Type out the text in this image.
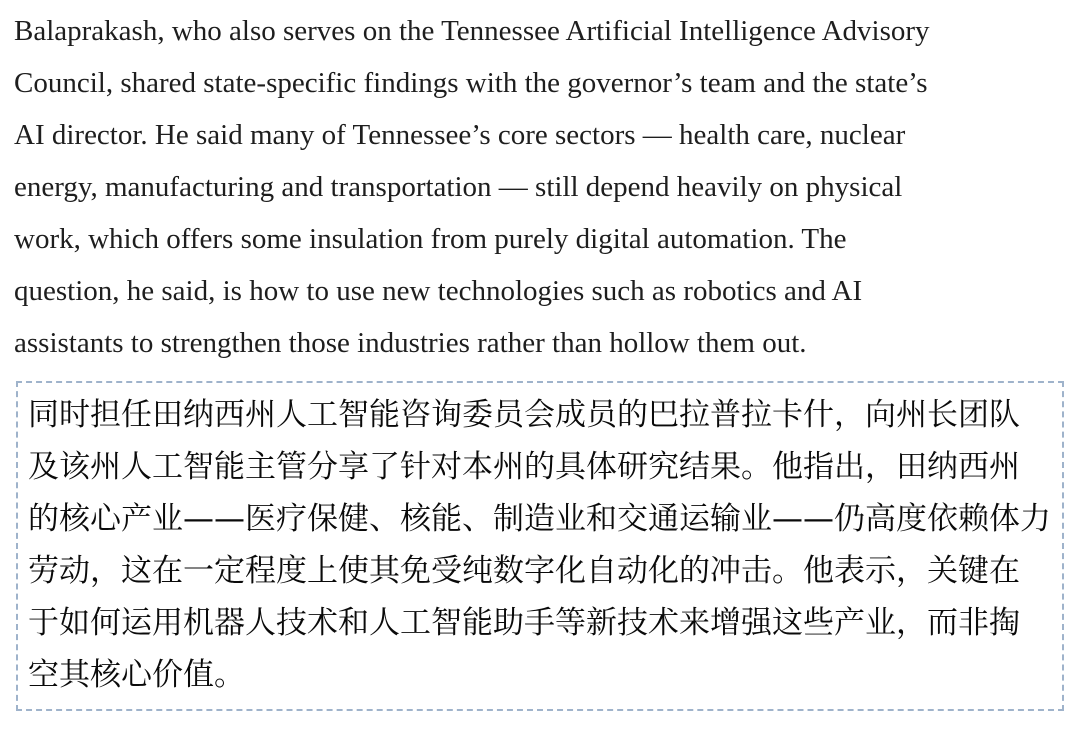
Balaprakash, who also serves on the Tennessee Artificial Intelligence Advisory
Council, shared state-specific findings with the governor’s team and the state’s
AI director. He said many of Tennessee’s core sectors — health care, nuclear
energy, manufacturing and transportation — still depend heavily on physical
work, which offers some insulation from purely digital automation. The
question, he said, is how to use new technologies such as robotics and AI
assistants to strengthen those industries rather than hollow them out.
同时担任田纳西州人工智能咨询委员会成员的巴拉普拉卡什，向州长团队
及该州人工智能主管分享了针对本州的具体研究结果。他指出，田纳西州
的核心产业——医疗保健、核能、制造业和交通运输业——仍高度依赖体力
劳动，这在一定程度上使其免受纯数字化自动化的冲击。他表示，关键在
于如何运用机器人技术和人工智能助手等新技术来增强这些产业，而非掏
空其核心价值。
